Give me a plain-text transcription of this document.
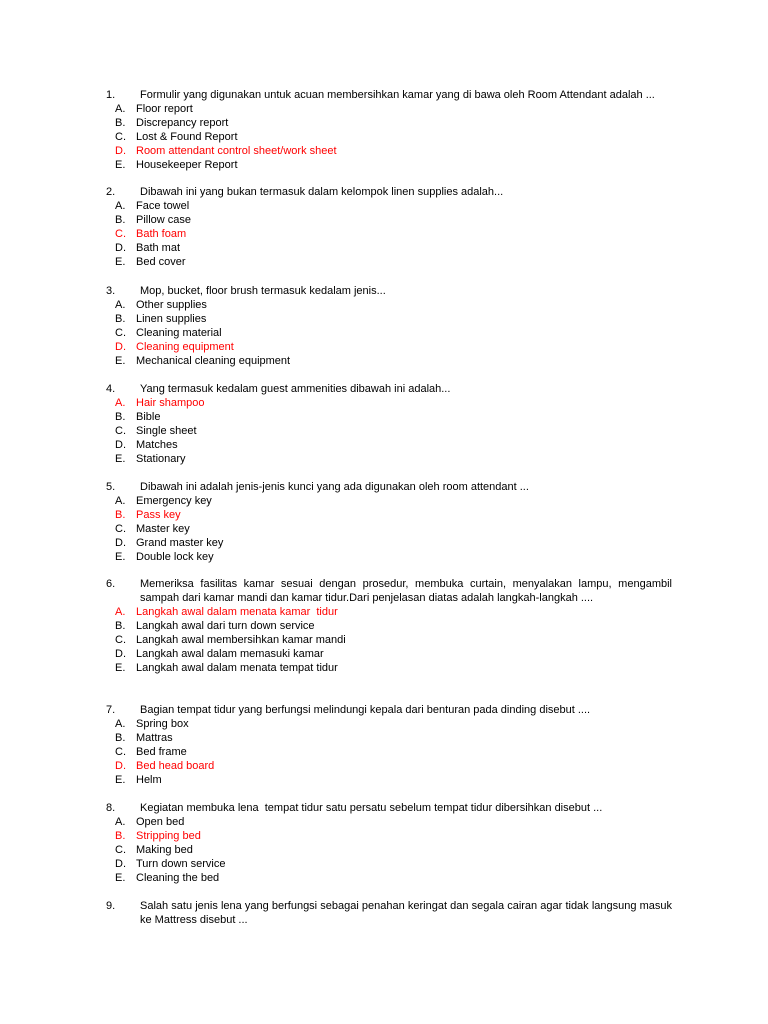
1.	Formulir yang digunakan untuk acuan membersihkan kamar yang di bawa oleh Room Attendant adalah ...
A. Floor report
B. Discrepancy report
C. Lost & Found Report
D. Room attendant control sheet/work sheet
E. Housekeeper Report
2.	Dibawah ini yang bukan termasuk dalam kelompok linen supplies adalah...
A. Face towel
B. Pillow case
C. Bath foam
D. Bath mat
E. Bed cover
3.	Mop, bucket, floor brush termasuk kedalam jenis...
A. Other supplies
B. Linen supplies
C. Cleaning material
D. Cleaning equipment
E. Mechanical cleaning equipment
4.	Yang termasuk kedalam guest ammenities dibawah ini adalah...
A. Hair shampoo
B. Bible
C. Single sheet
D. Matches
E. Stationary
5.	Dibawah ini adalah jenis-jenis kunci yang ada digunakan oleh room attendant ...
A. Emergency key
B. Pass key
C. Master key
D. Grand master key
E. Double lock key
6.	Memeriksa fasilitas kamar sesuai dengan prosedur, membuka curtain, menyalakan lampu, mengambil sampah dari kamar mandi dan kamar tidur.Dari penjelasan diatas adalah langkah-langkah ....
A. Langkah awal dalam menata kamar  tidur
B. Langkah awal dari turn down service
C. Langkah awal membersihkan kamar mandi
D. Langkah awal dalam memasuki kamar
E. Langkah awal dalam menata tempat tidur
7.	Bagian tempat tidur yang berfungsi melindungi kepala dari benturan pada dinding disebut ....
A. Spring box
B. Mattras
C. Bed frame
D. Bed head board
E. Helm
8.	Kegiatan membuka lena  tempat tidur satu persatu sebelum tempat tidur dibersihkan disebut ...
A. Open bed
B. Stripping bed
C. Making bed
D. Turn down service
E. Cleaning the bed
9.	Salah satu jenis lena yang berfungsi sebagai penahan keringat dan segala cairan agar tidak langsung masuk ke Mattress disebut ...
